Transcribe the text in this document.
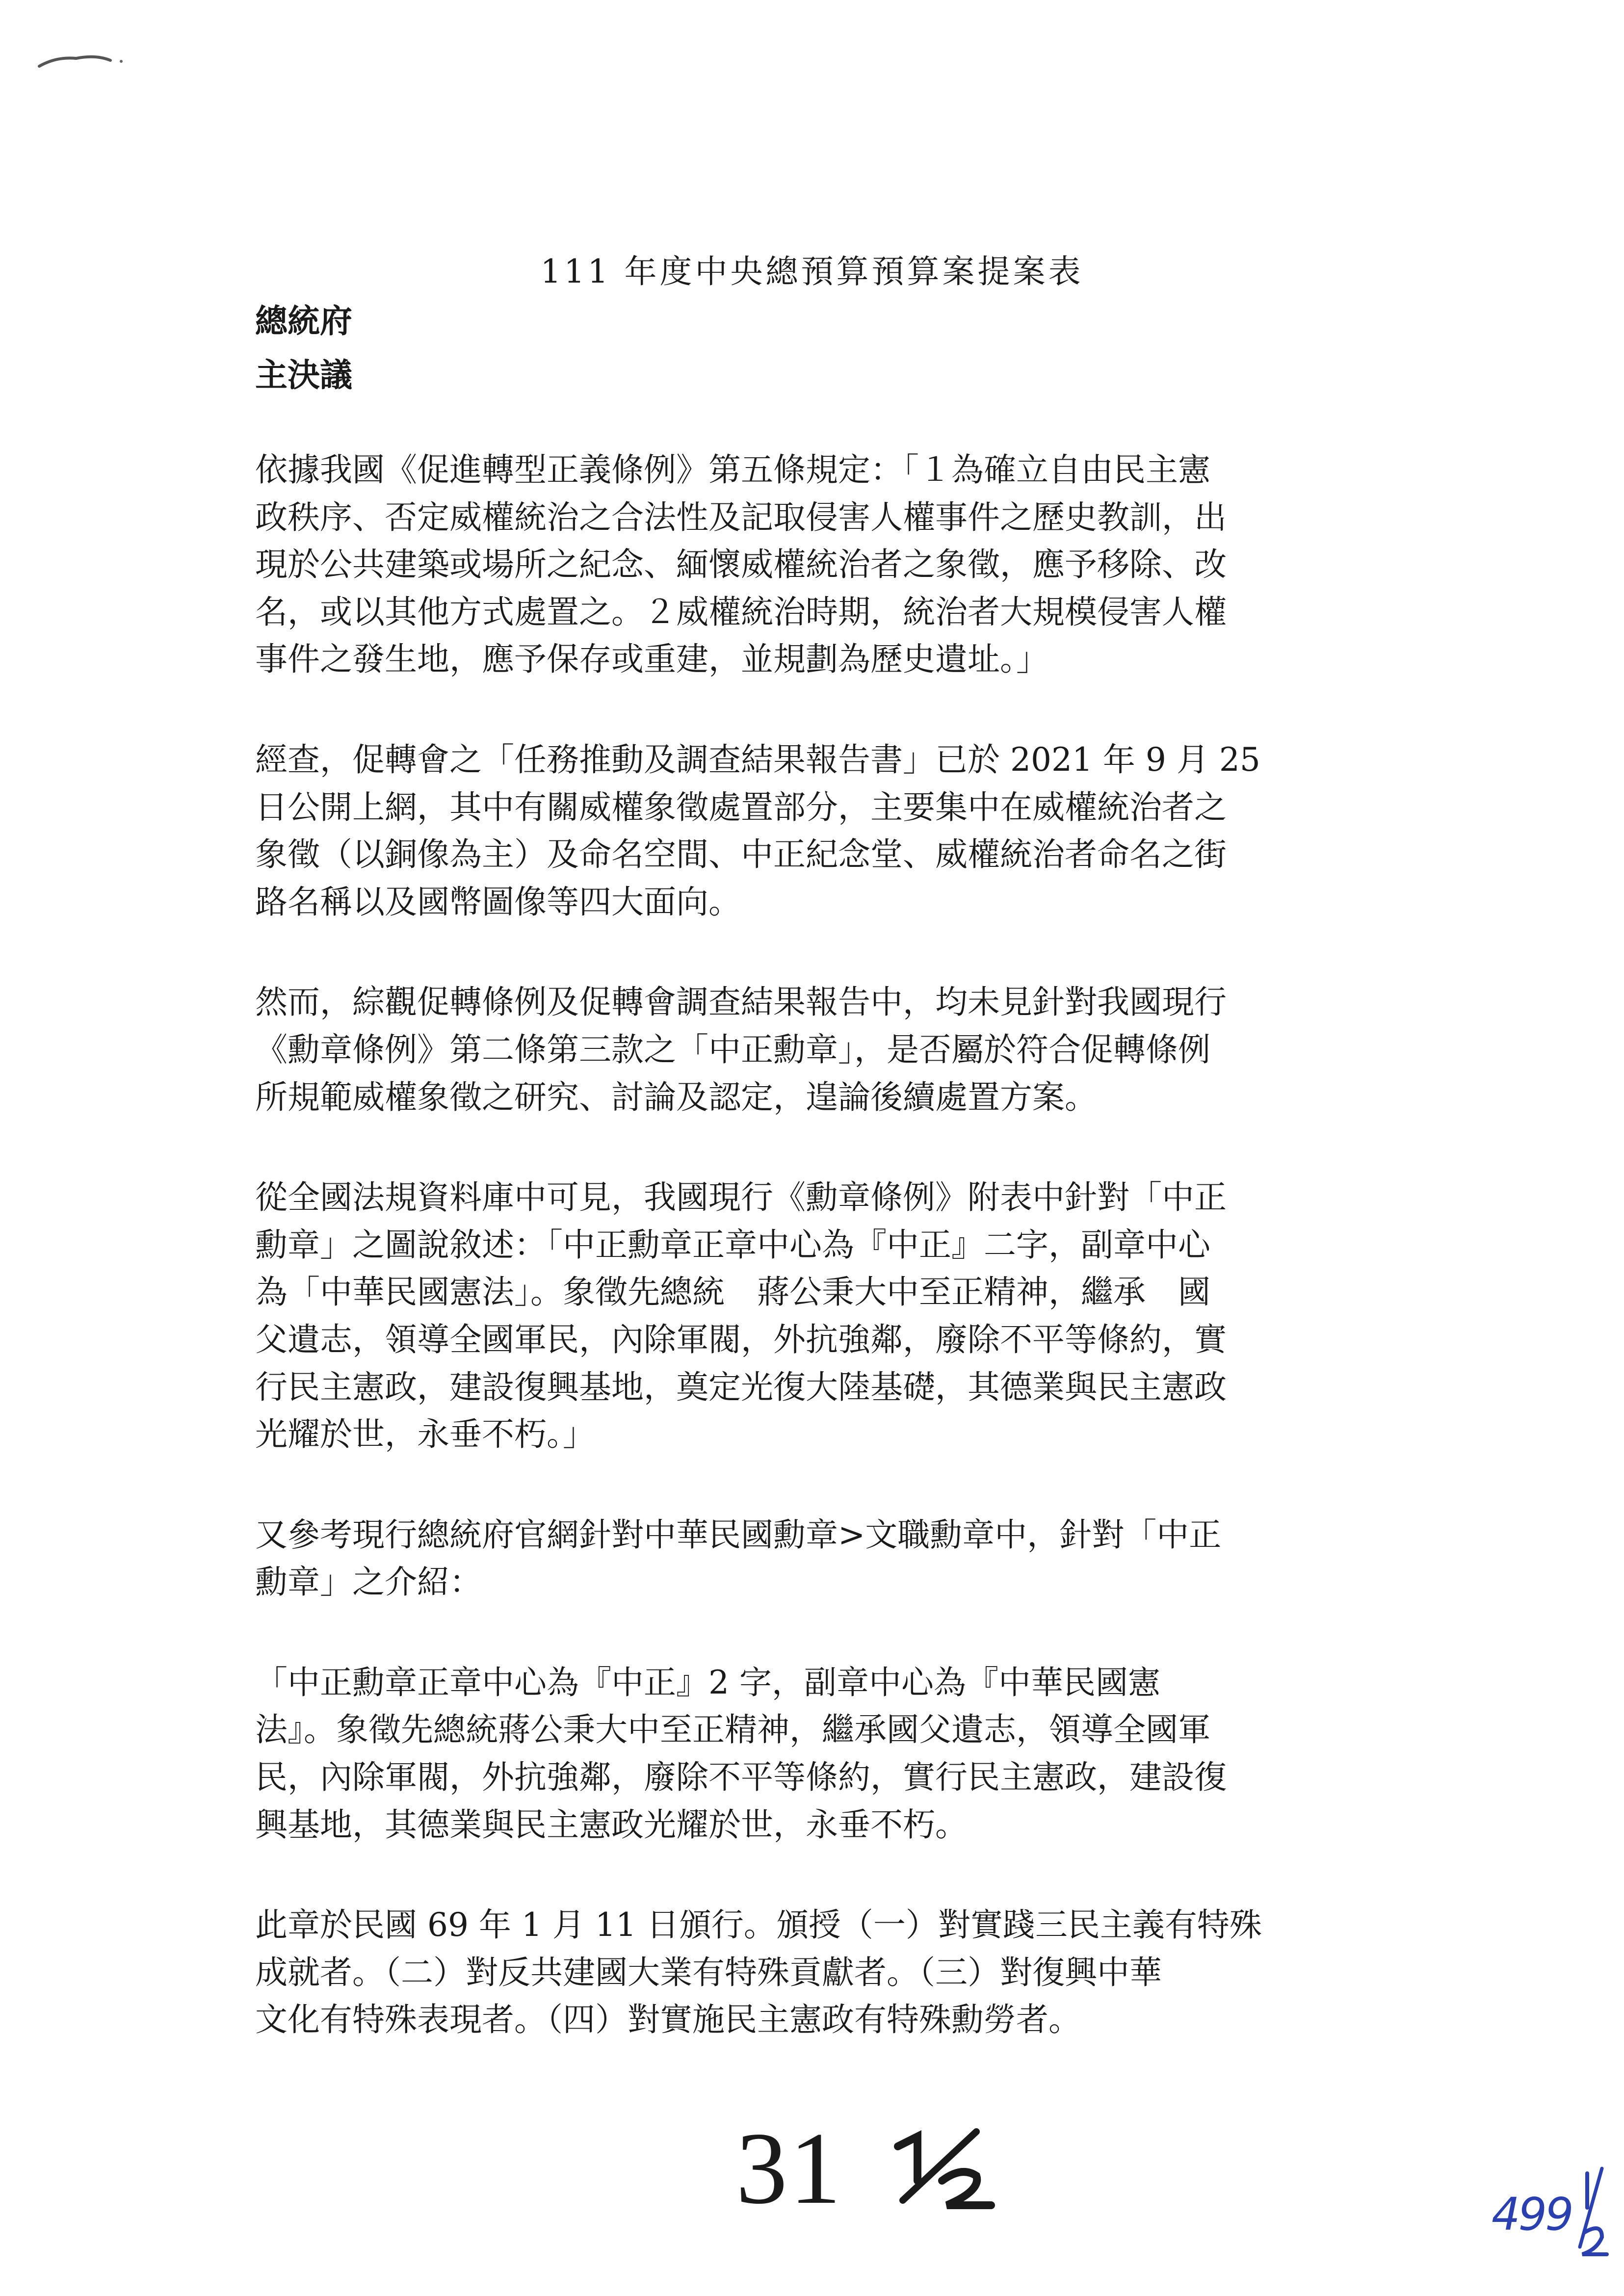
111 年度中央總預算預算案提案表
總統府
主決議

依據我國《促進轉型正義條例》第五條規定：「１為確立自由民主憲
政秩序、否定威權統治之合法性及記取侵害人權事件之歷史教訓，出
現於公共建築或場所之紀念、緬懷威權統治者之象徵，應予移除、改
名，或以其他方式處置之。２威權統治時期，統治者大規模侵害人權
事件之發生地，應予保存或重建，並規劃為歷史遺址。」

經查，促轉會之「任務推動及調查結果報告書」已於 2021 年 9 月 25
日公開上網，其中有關威權象徵處置部分，主要集中在威權統治者之
象徵（以銅像為主）及命名空間、中正紀念堂、威權統治者命名之街
路名稱以及國幣圖像等四大面向。

然而，綜觀促轉條例及促轉會調查結果報告中，均未見針對我國現行
《勳章條例》第二條第三款之「中正勳章」，是否屬於符合促轉條例
所規範威權象徵之研究、討論及認定，遑論後續處置方案。

從全國法規資料庫中可見，我國現行《勳章條例》附表中針對「中正
勳章」之圖說敘述：「中正勳章正章中心為『中正』二字，副章中心
為「中華民國憲法」。象徵先總統　蔣公秉大中至正精神，繼承　國
父遺志，領導全國軍民，內除軍閥，外抗強鄰，廢除不平等條約，實
行民主憲政，建設復興基地，奠定光復大陸基礎，其德業與民主憲政
光耀於世，永垂不朽。」

又參考現行總統府官網針對中華民國勳章>文職勳章中，針對「中正
勳章」之介紹：

「中正勳章正章中心為『中正』2 字，副章中心為『中華民國憲
法』。象徵先總統蔣公秉大中至正精神，繼承國父遺志，領導全國軍
民，內除軍閥，外抗強鄰，廢除不平等條約，實行民主憲政，建設復
興基地，其德業與民主憲政光耀於世，永垂不朽。

此章於民國 69 年 1 月 11 日頒行。頒授（一）對實踐三民主義有特殊
成就者。（二）對反共建國大業有特殊貢獻者。（三）對復興中華
文化有特殊表現者。（四）對實施民主憲政有特殊勳勞者。

31	499
